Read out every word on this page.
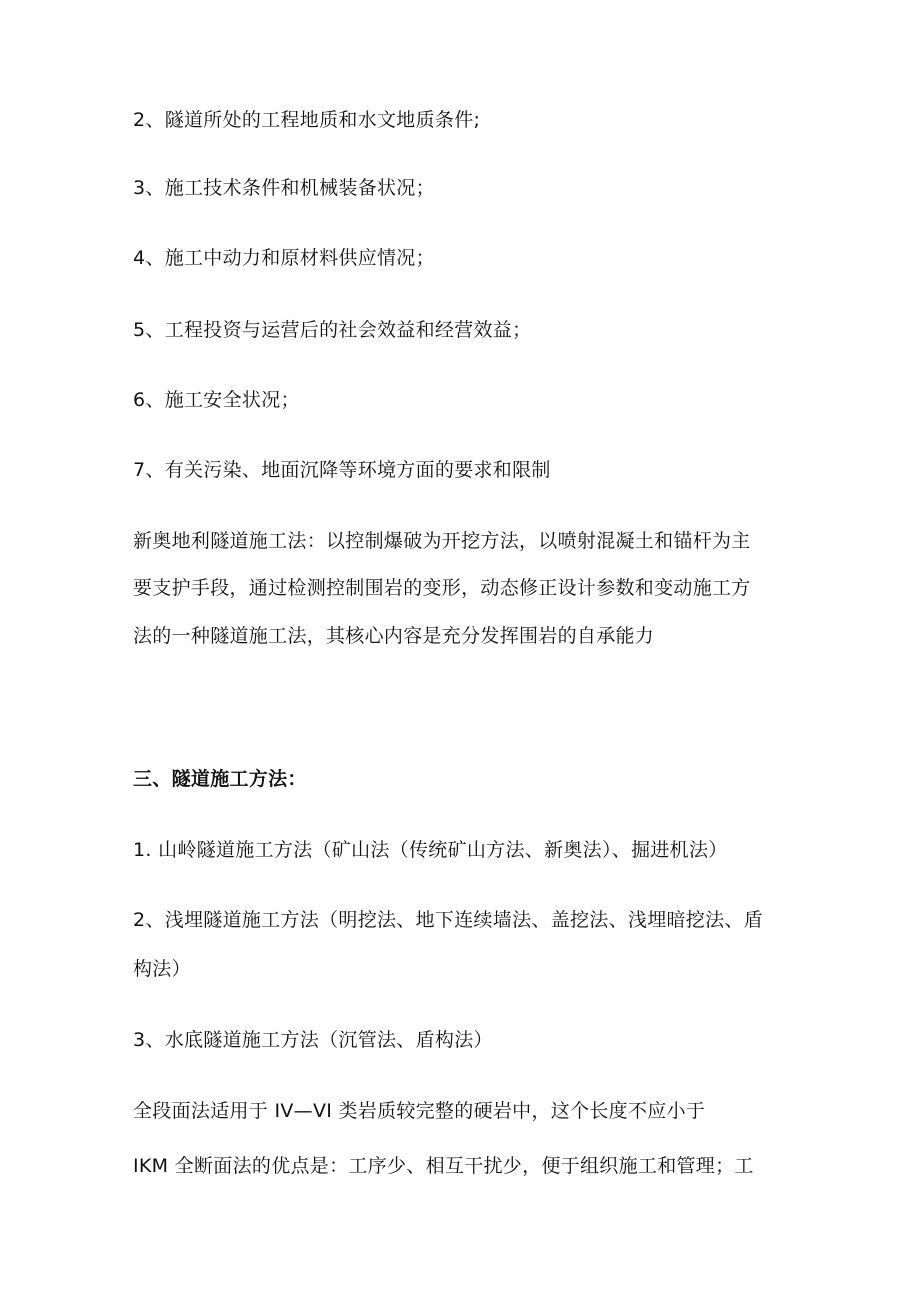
2、隧道所处的工程地质和水文地质条件;
3、施工技术条件和机械装备状况；
4、施工中动力和原材料供应情况；
5、工程投资与运营后的社会效益和经营效益；
6、施工安全状况；
7、有关污染、地面沉降等环境方面的要求和限制
新奥地利隧道施工法：以控制爆破为开挖方法，以喷射混凝土和锚杆为主
要支护手段，通过检测控制围岩的变形，动态修正设计参数和变动施工方
法的一种隧道施工法，其核心内容是充分发挥围岩的自承能力
三、隧道施工方法：
1. 山岭隧道施工方法（矿山法（传统矿山方法、新奥法）、掘进机法）
2、浅埋隧道施工方法（明挖法、地下连续墙法、盖挖法、浅埋暗挖法、盾
构法）
3、水底隧道施工方法（沉管法、盾构法）
全段面法适用于 IV—VI 类岩质较完整的硬岩中，这个长度不应小于
IKM 全断面法的优点是：工序少、相互干扰少，便于组织施工和管理；工
